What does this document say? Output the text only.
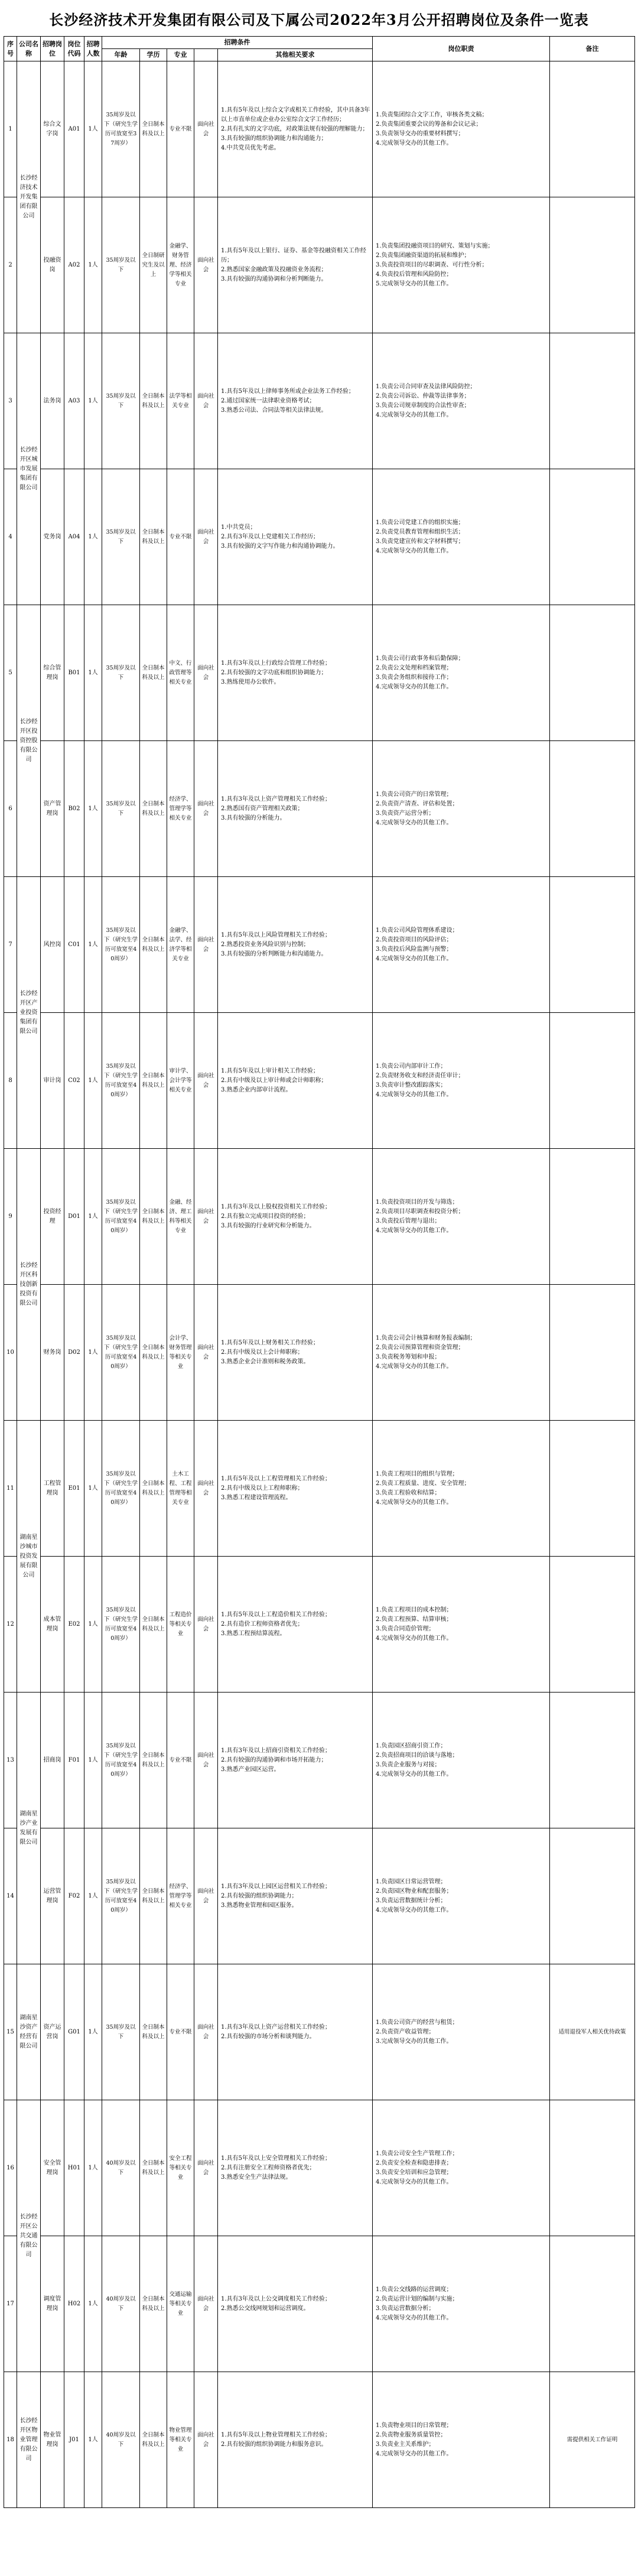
长沙经济技术开发集团有限公司及下属公司2022年3月公开招聘岗位及条件一览表
序号	公司名称	招聘岗位	岗位代码	招聘人数	招聘条件					岗位职责	备注
					年龄	学历	专业		其他相关要求		
1	长沙经济技术开发集团有限公司	综合文字岗	A01	1人	35周岁及以下（研究生学历可放宽至37周岁）	全日制本科及以上	专业不限	面向社会	1.具有5年及以上综合文字或相关工作经验，其中具备3年以上市直单位或企业办公室综合文字工作经历；
2.具有扎实的文字功底，对政策法规有较强的理解能力；
3.具有较强的组织协调能力和沟通能力；
4.中共党员优先考虑。	1.负责集团综合文字工作，审核各类文稿；
2.负责集团重要会议的筹备和会议记录；
3.负责领导交办的重要材料撰写；
4.完成领导交办的其他工作。	

2		投融资岗	A02	1人	35周岁及以下	全日制研究生及以上	金融学、财务管理、经济学等相关专业	面向社会	1.具有5年及以上银行、证券、基金等投融资相关工作经历；
2.熟悉国家金融政策及投融资业务流程；
3.具有较强的沟通协调和分析判断能力。	1.负责集团投融资项目的研究、策划与实施；
2.负责集团融资渠道的拓展和维护；
3.负责投资项目的尽职调查、可行性分析；
4.负责投后管理和风险防控；
5.完成领导交办的其他工作。	

3	长沙经开区城市发展集团有限公司	法务岗	A03	1人	35周岁及以下	全日制本科及以上	法学等相关专业	面向社会	1.具有5年及以上律师事务所或企业法务工作经验；
2.通过国家统一法律职业资格考试；
3.熟悉公司法、合同法等相关法律法规。	1.负责公司合同审查及法律风险防控；
2.负责公司诉讼、仲裁等法律事务；
3.负责公司规章制度的合法性审查；
4.完成领导交办的其他工作。	

4		党务岗	A04	1人	35周岁及以下	全日制本科及以上	专业不限	面向社会	1.中共党员；
2.具有3年及以上党建相关工作经历；
3.具有较强的文字写作能力和沟通协调能力。	1.负责公司党建工作的组织实施；
2.负责党员教育管理和组织生活；
3.负责党建宣传和文字材料撰写；
4.完成领导交办的其他工作。	

5	长沙经开区投资控股有限公司	综合管理岗	B01	1人	35周岁及以下	全日制本科及以上	中文、行政管理等相关专业	面向社会	1.具有3年及以上行政综合管理工作经验；
2.具有较强的文字功底和组织协调能力；
3.熟练使用办公软件。	1.负责公司行政事务和后勤保障；
2.负责公文处理和档案管理；
3.负责会务组织和接待工作；
4.完成领导交办的其他工作。	

6		资产管理岗	B02	1人	35周岁及以下	全日制本科及以上	经济学、管理学等相关专业	面向社会	1.具有3年及以上资产管理相关工作经验；
2.熟悉国有资产管理相关政策；
3.具有较强的分析能力。	1.负责公司资产的日常管理；
2.负责资产清查、评估和处置；
3.负责资产运营分析；
4.完成领导交办的其他工作。	

7	长沙经开区产业投资集团有限公司	风控岗	C01	1人	35周岁及以下（研究生学历可放宽至40周岁）	全日制本科及以上	金融学、法学、经济学等相关专业	面向社会	1.具有5年及以上风险管理相关工作经验；
2.熟悉投资业务风险识别与控制；
3.具有较强的分析判断能力和沟通能力。	1.负责公司风险管理体系建设；
2.负责投资项目的风险评估；
3.负责投后风险监测与预警；
4.完成领导交办的其他工作。	

8		审计岗	C02	1人	35周岁及以下（研究生学历可放宽至40周岁）	全日制本科及以上	审计学、会计学等相关专业	面向社会	1.具有5年及以上审计相关工作经验；
2.具有中级及以上审计师或会计师职称；
3.熟悉企业内部审计流程。	1.负责公司内部审计工作；
2.负责财务收支和经济责任审计；
3.负责审计整改跟踪落实；
4.完成领导交办的其他工作。	

9	长沙经开区科技创新投资有限公司	投资经理	D01	1人	35周岁及以下（研究生学历可放宽至40周岁）	全日制本科及以上	金融、经济、理工科等相关专业	面向社会	1.具有3年及以上股权投资相关工作经验；
2.具有独立完成项目投资的经验；
3.具有较强的行业研究和分析能力。	1.负责投资项目的开发与筛选；
2.负责项目尽职调查和投资分析；
3.负责投后管理与退出；
4.完成领导交办的其他工作。	

10		财务岗	D02	1人	35周岁及以下（研究生学历可放宽至40周岁）	全日制本科及以上	会计学、财务管理等相关专业	面向社会	1.具有5年及以上财务相关工作经验；
2.具有中级及以上会计师职称；
3.熟悉企业会计准则和税务政策。	1.负责公司会计核算和财务报表编制；
2.负责公司预算管理和资金管理；
3.负责税务筹划和申报；
4.完成领导交办的其他工作。	

11	湖南星沙城市投资发展有限公司	工程管理岗	E01	1人	35周岁及以下（研究生学历可放宽至40周岁）	全日制本科及以上	土木工程、工程管理等相关专业	面向社会	1.具有5年及以上工程管理相关工作经验；
2.具有中级及以上工程师职称；
3.熟悉工程建设管理流程。	1.负责工程项目的组织与管理；
2.负责工程质量、进度、安全管理；
3.负责工程验收和结算；
4.完成领导交办的其他工作。	

12		成本管理岗	E02	1人	35周岁及以下（研究生学历可放宽至40周岁）	全日制本科及以上	工程造价等相关专业	面向社会	1.具有5年及以上工程造价相关工作经验；
2.具有造价工程师资格者优先；
3.熟悉工程预结算流程。	1.负责工程项目的成本控制；
2.负责工程预算、结算审核；
3.负责合同造价管理；
4.完成领导交办的其他工作。	

13	湖南星沙产业发展有限公司	招商岗	F01	1人	35周岁及以下（研究生学历可放宽至40周岁）	全日制本科及以上	专业不限	面向社会	1.具有3年及以上招商引资相关工作经验；
2.具有较强的沟通协调和市场开拓能力；
3.熟悉产业园区运营。	1.负责园区招商引资工作；
2.负责招商项目的洽谈与落地；
3.负责企业服务与对接；
4.完成领导交办的其他工作。	

14		运营管理岗	F02	1人	35周岁及以下（研究生学历可放宽至40周岁）	全日制本科及以上	经济学、管理学等相关专业	面向社会	1.具有3年及以上园区运营相关工作经验；
2.具有较强的组织协调能力；
3.熟悉物业管理和园区服务。	1.负责园区日常运营管理；
2.负责园区物业和配套服务；
3.负责运营数据统计分析；
4.完成领导交办的其他工作。	

15	湖南星沙资产经营有限公司	资产运营岗	G01	1人	35周岁及以下	全日制本科及以上	专业不限	面向社会	1.具有3年及以上资产运营相关工作经验；
2.具有较强的市场分析和谈判能力。	1.负责公司资产的经营与租赁；
2.负责资产收益管理；
3.完成领导交办的其他工作。	适用退役军人相关优待政策
16	长沙经开区公共交通有限公司	安全管理岗	H01	1人	40周岁及以下	全日制本科及以上	安全工程等相关专业	面向社会	1.具有5年及以上安全管理相关工作经验；
2.具有注册安全工程师资格者优先；
3.熟悉安全生产法律法规。	1.负责公司安全生产管理工作；
2.负责安全检查和隐患排查；
3.负责安全培训和应急管理；
4.完成领导交办的其他工作。	

17		调度管理岗	H02	1人	40周岁及以下	全日制本科及以上	交通运输等相关专业	面向社会	1.具有3年及以上公交调度相关工作经验；
2.熟悉公交线网规划和运营调度。	1.负责公交线路的运营调度；
2.负责运营计划的编制与实施；
3.负责运营数据分析；
4.完成领导交办的其他工作。	

18	长沙经开区物业管理有限公司	物业管理岗	J01	1人	40周岁及以下	全日制本科及以上	物业管理等相关专业	面向社会	1.具有5年及以上物业管理相关工作经验；
2.具有较强的组织协调能力和服务意识。	1.负责物业项目的日常管理；
2.负责物业服务质量管控；
3.负责业主关系维护；
4.完成领导交办的其他工作。	需提供相关工作证明
